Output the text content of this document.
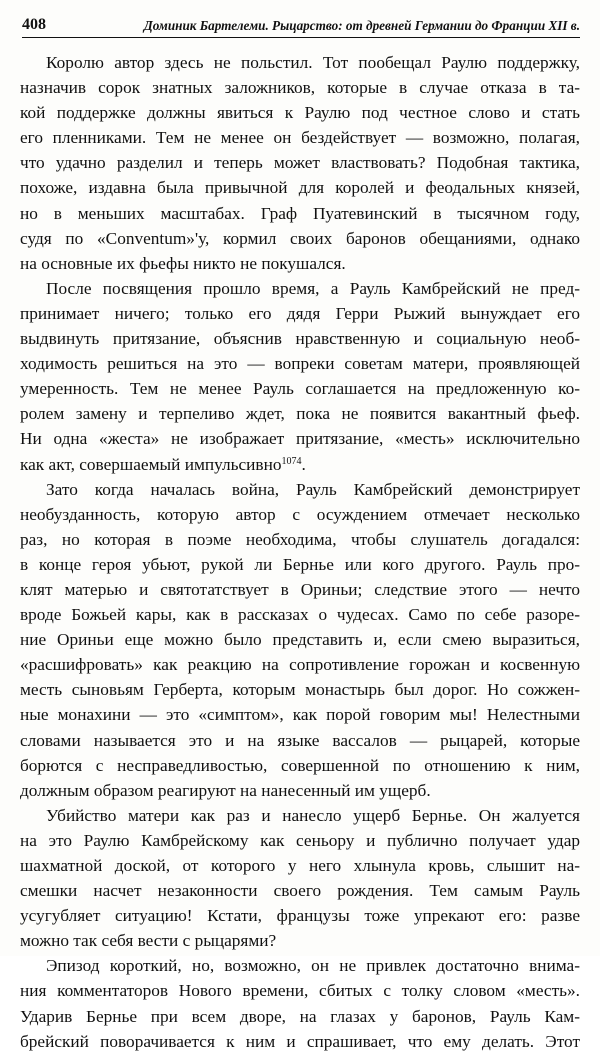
408	Доминик Бартелеми. Рыцарство: от древней Германии до Франции XII в.
Королю автор здесь не польстил. Тот пообещал Раулю поддержку,
назначив сорок знатных заложников, которые в случае отказа в та-
кой поддержке должны явиться к Раулю под честное слово и стать
его пленниками. Тем не менее он бездействует — возможно, полагая,
что удачно разделил и теперь может властвовать? Подобная тактика,
похоже, издавна была привычной для королей и феодальных князей,
но в меньших масштабах. Граф Пуатевинский в тысячном году,
судя по «Conventum»'у, кормил своих баронов обещаниями, однако
на основные их фьефы никто не покушался.
После посвящения прошло время, а Рауль Камбрейский не пред-
принимает ничего; только его дядя Герри Рыжий вынуждает его
выдвинуть притязание, объяснив нравственную и социальную необ-
ходимость решиться на это — вопреки советам матери, проявляющей
умеренность. Тем не менее Рауль соглашается на предложенную ко-
ролем замену и терпеливо ждет, пока не появится вакантный фьеф.
Ни одна «жеста» не изображает притязание, «месть» исключительно
как акт, совершаемый импульсивно$^{1074}$.
Зато когда началась война, Рауль Камбрейский демонстрирует
необузданность, которую автор с осуждением отмечает несколько
раз, но которая в поэме необходима, чтобы слушатель догадался:
в конце героя убьют, рукой ли Бернье или кого другого. Рауль про-
клят матерью и святотатствует в Ориньи; следствие этого — нечто
вроде Божьей кары, как в рассказах о чудесах. Само по себе разоре-
ние Ориньи еще можно было представить и, если смею выразиться,
«расшифровать» как реакцию на сопротивление горожан и косвенную
месть сыновьям Герберта, которым монастырь был дорог. Но сожжен-
ные монахини — это «симптом», как порой говорим мы! Нелестными
словами называется это и на языке вассалов — рыцарей, которые
борются с несправедливостью, совершенной по отношению к ним,
должным образом реагируют на нанесенный им ущерб.
Убийство матери как раз и нанесло ущерб Бернье. Он жалуется
на это Раулю Камбрейскому как сеньору и публично получает удар
шахматной доской, от которого у него хлынула кровь, слышит на-
смешки насчет незаконности своего рождения. Тем самым Рауль
усугубляет ситуацию! Кстати, французы тоже упрекают его: разве
можно так себя вести с рыцарями?
Эпизод короткий, но, возможно, он не привлек достаточно внима-
ния комментаторов Нового времени, сбитых с толку словом «месть».
Ударив Бернье при всем дворе, на глазах у баронов, Рауль Кам-
брейский поворачивается к ним и спрашивает, что ему делать. Этот
